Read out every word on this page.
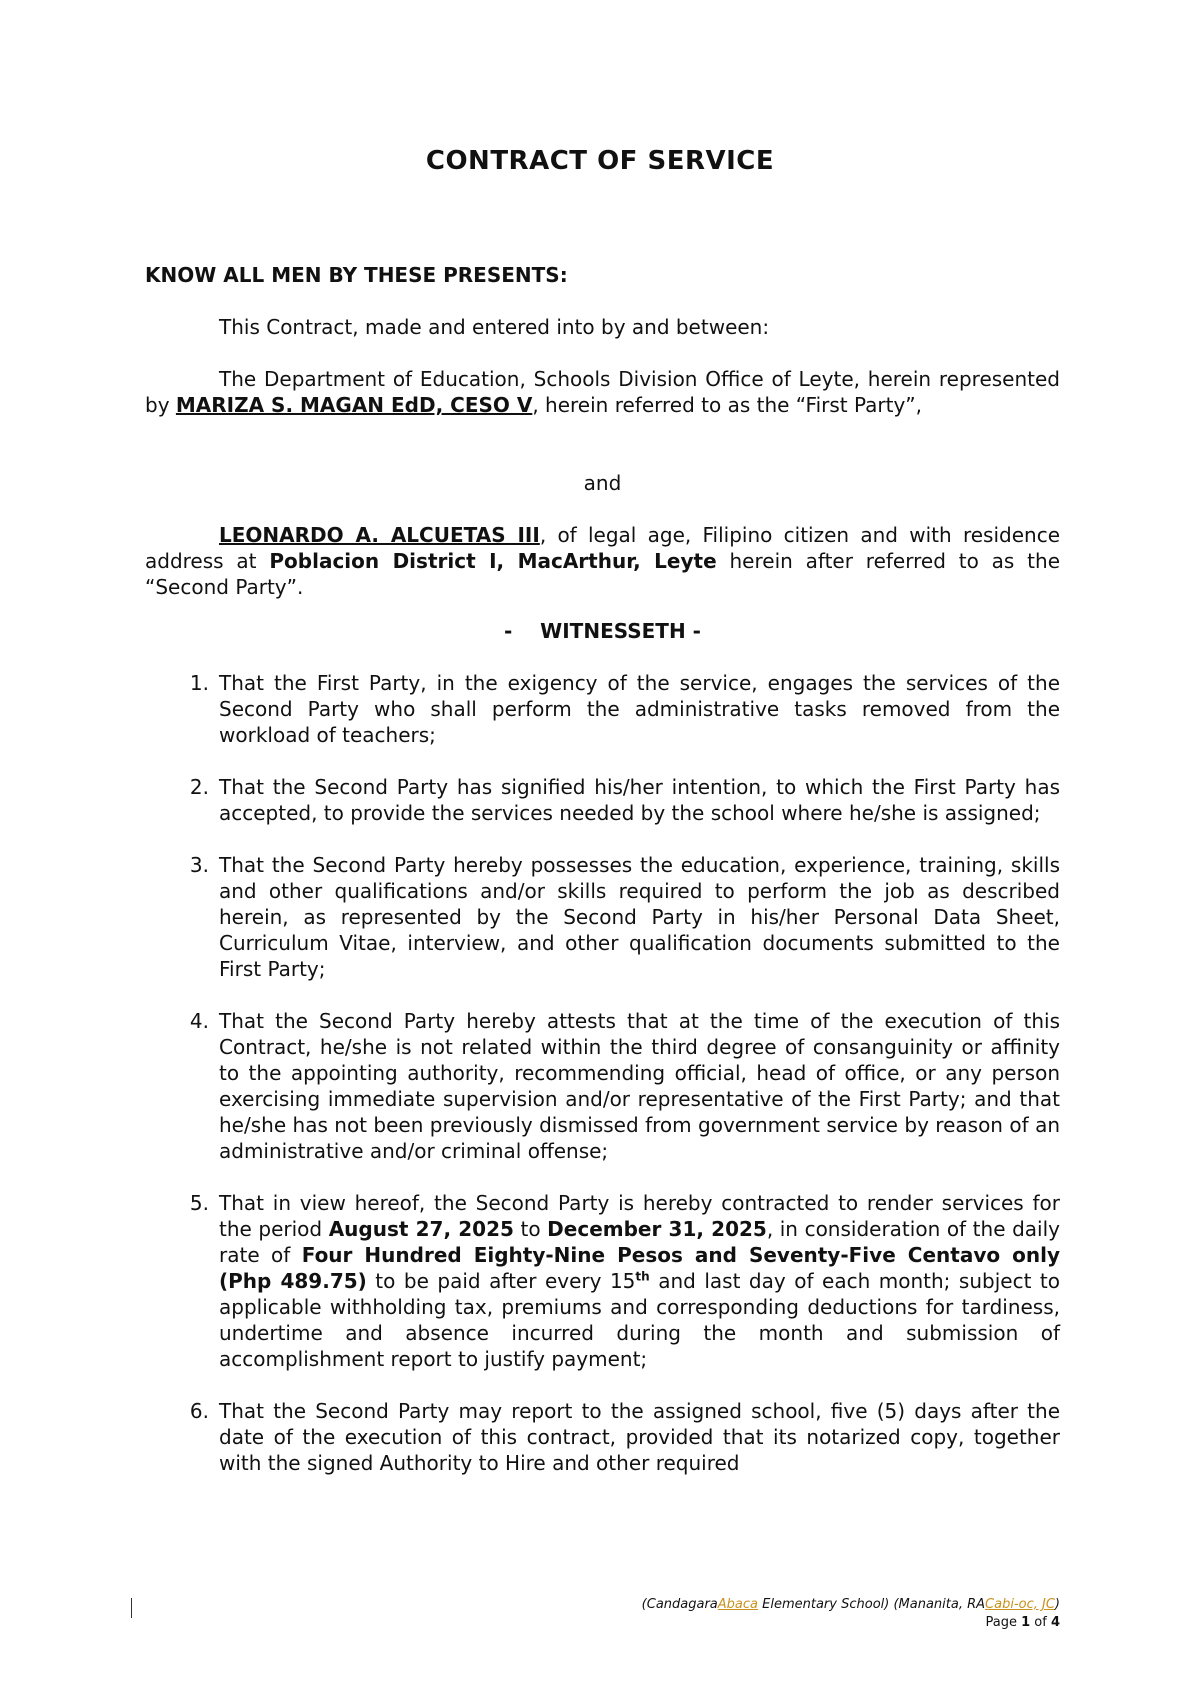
CONTRACT OF SERVICE
KNOW ALL MEN BY THESE PRESENTS:
This Contract, made and entered into by and between:
The Department of Education, Schools Division Office of Leyte, herein represented by MARIZA S. MAGAN EdD, CESO V, herein referred to as the “First Party”,
and
LEONARDO A. ALCUETAS III, of legal age, Filipino citizen and with residence address at Poblacion District I, MacArthur, Leyte herein after referred to as the “Second Party”.
-    WITNESSETH -
1. That the First Party, in the exigency of the service, engages the services of the Second Party who shall perform the administrative tasks removed from the workload of teachers;
2. That the Second Party has signified his/her intention, to which the First Party has accepted, to provide the services needed by the school where he/she is assigned;
3. That the Second Party hereby possesses the education, experience, training, skills and other qualifications and/or skills required to perform the job as described herein, as represented by the Second Party in his/her Personal Data Sheet, Curriculum Vitae, interview, and other qualification documents submitted to the First Party;
4. That the Second Party hereby attests that at the time of the execution of this Contract, he/she is not related within the third degree of consanguinity or affinity to the appointing authority, recommending official, head of office, or any person exercising immediate supervision and/or representative of the First Party; and that he/she has not been previously dismissed from government service by reason of an administrative and/or criminal offense;
5. That in view hereof, the Second Party is hereby contracted to render services for the period August 27, 2025 to December 31, 2025, in consideration of the daily rate of Four Hundred Eighty-Nine Pesos and Seventy-Five Centavo only (Php 489.75) to be paid after every 15th and last day of each month; subject to applicable withholding tax, premiums and corresponding deductions for tardiness, undertime and absence incurred during the month and submission of accomplishment report to justify payment;
6. That the Second Party may report to the assigned school, five (5) days after the date of the execution of this contract, provided that its notarized copy, together with the signed Authority to Hire and other required
(CandagaraAbaca Elementary School) (Mananita, RACabi-oc, JC)
Page 1 of 4
